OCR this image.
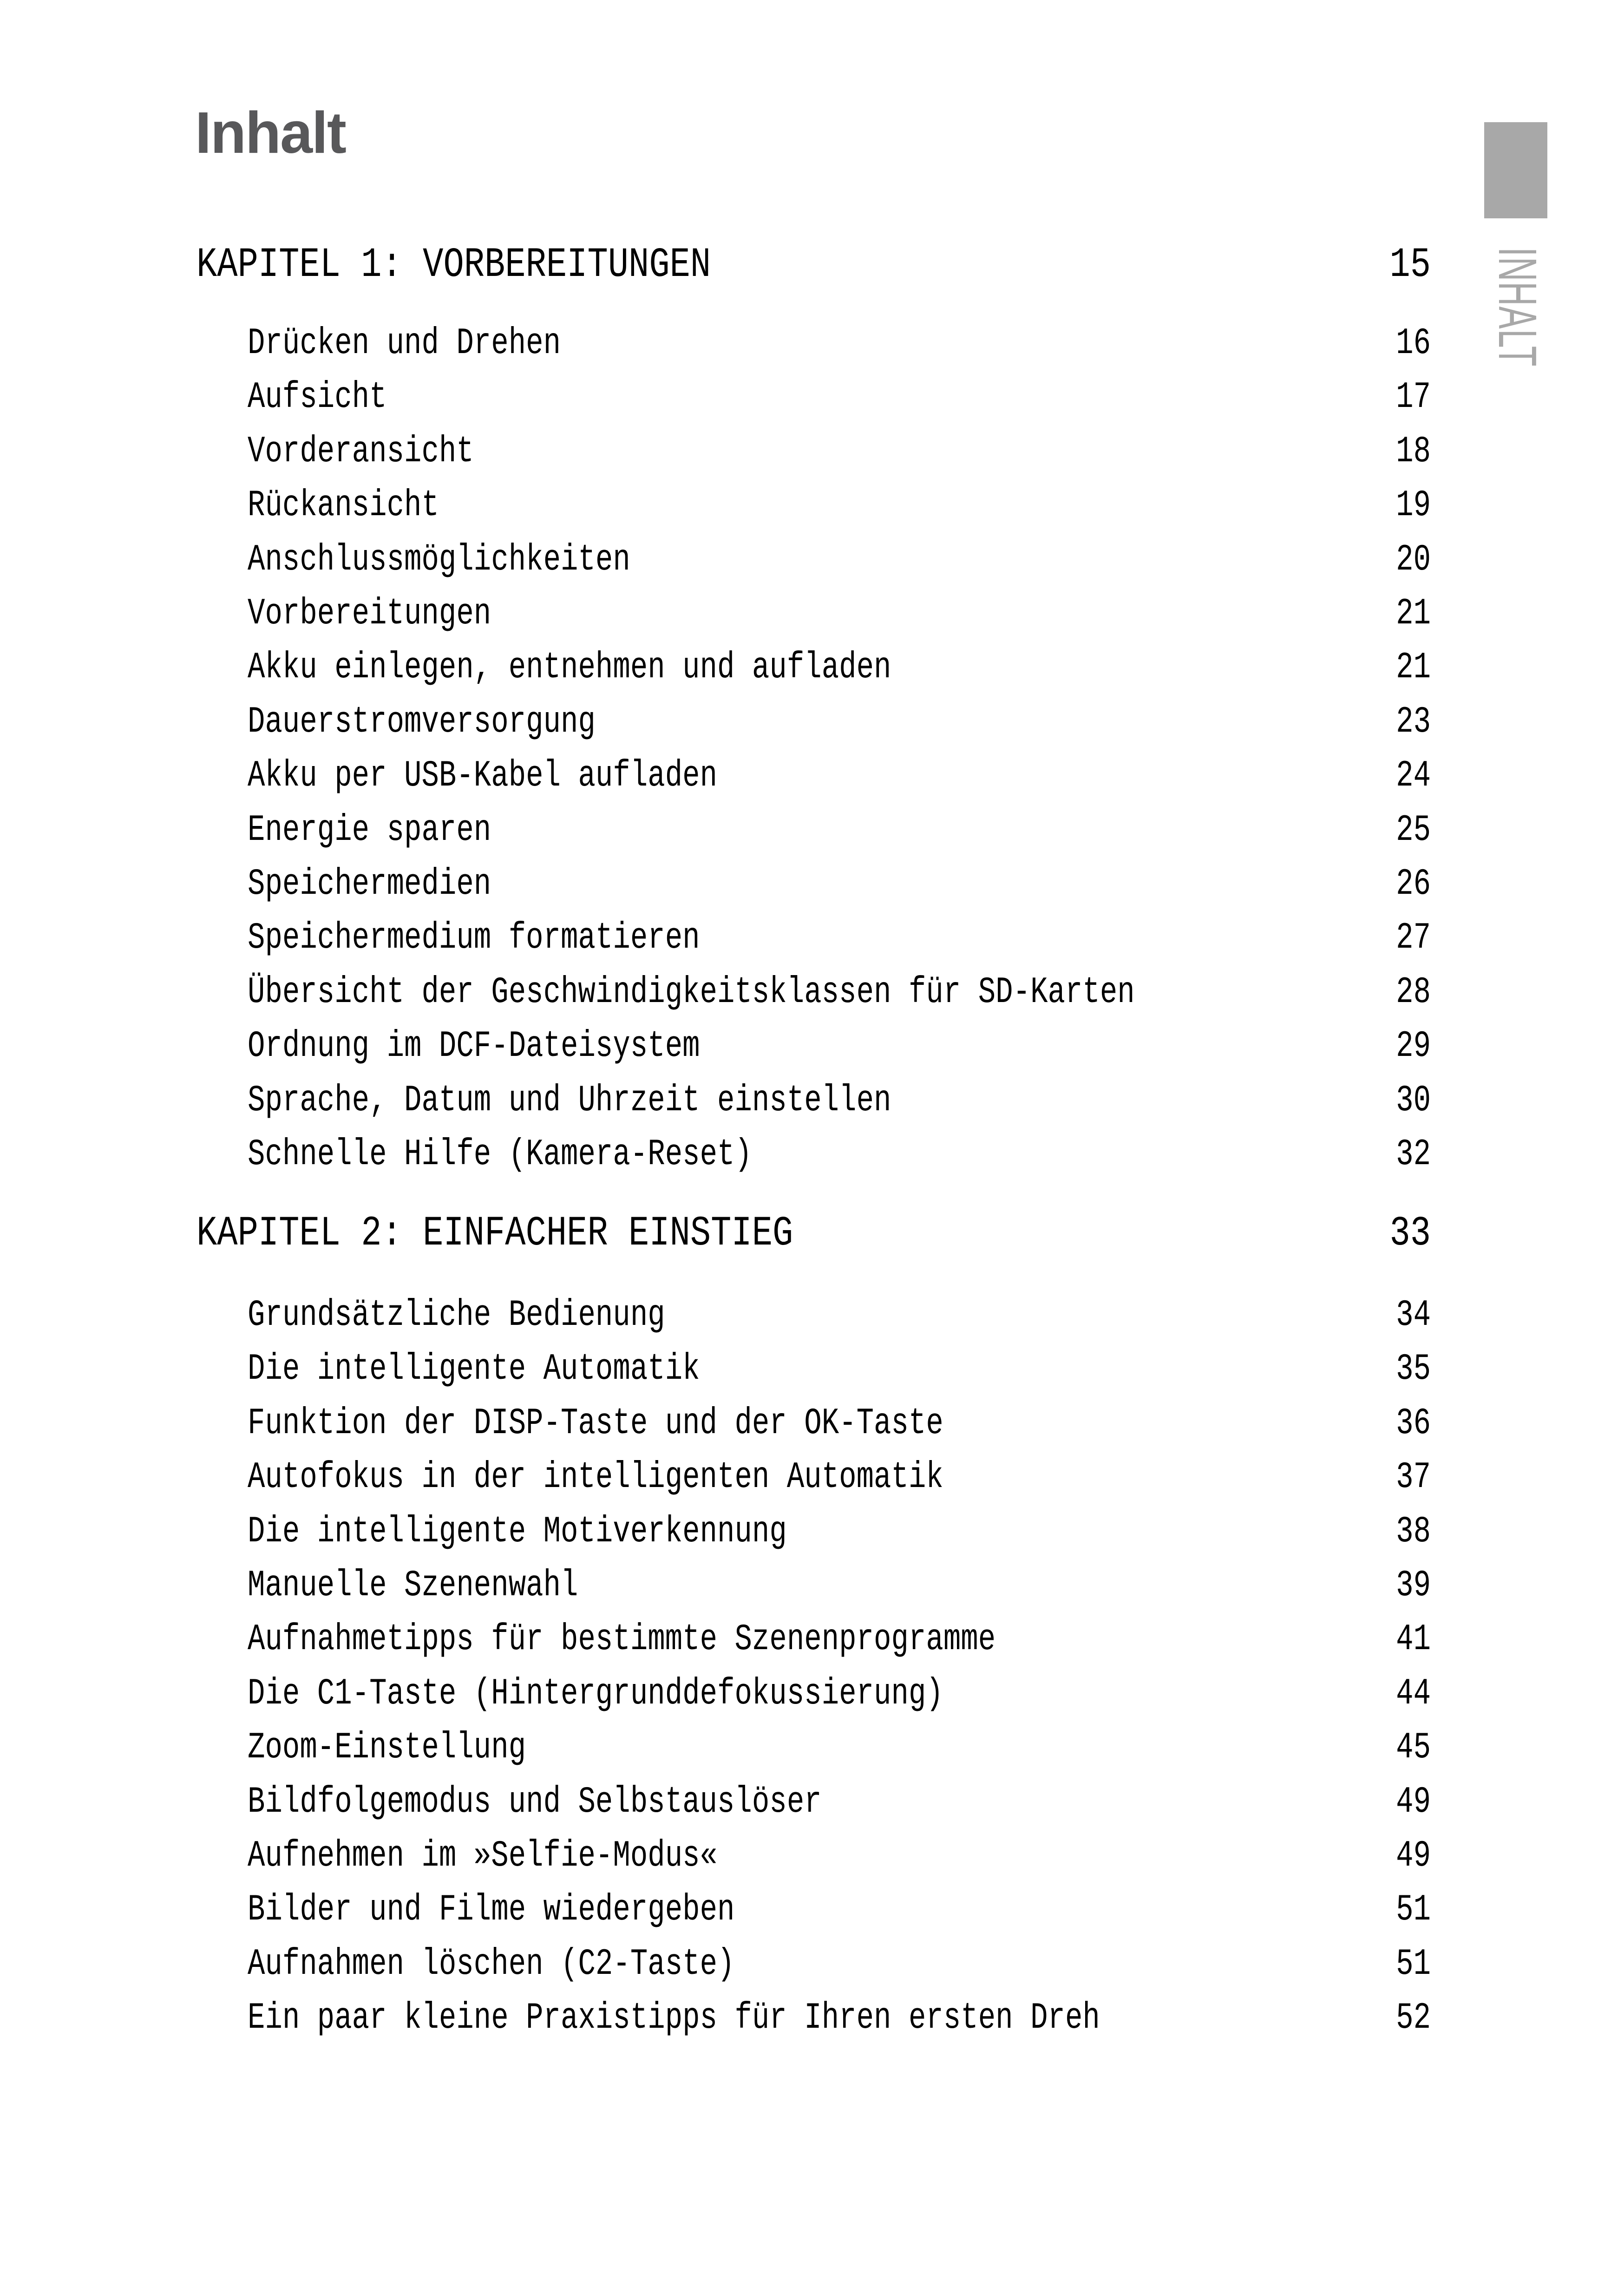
Inhalt
INHALT
KAPITEL 1: VORBEREITUNGEN	15
Drücken und Drehen	16
Aufsicht	17
Vorderansicht	18
Rückansicht	19
Anschlussmöglichkeiten	20
Vorbereitungen	21
Akku einlegen, entnehmen und aufladen	21
Dauerstromversorgung	23
Akku per USB-Kabel aufladen	24
Energie sparen	25
Speichermedien	26
Speichermedium formatieren	27
Übersicht der Geschwindigkeitsklassen für SD-Karten	28
Ordnung im DCF-Dateisystem	29
Sprache, Datum und Uhrzeit einstellen	30
Schnelle Hilfe (Kamera-Reset)	32
KAPITEL 2: EINFACHER EINSTIEG	33
Grundsätzliche Bedienung	34
Die intelligente Automatik	35
Funktion der DISP-Taste und der OK-Taste	36
Autofokus in der intelligenten Automatik	37
Die intelligente Motiverkennung	38
Manuelle Szenenwahl	39
Aufnahmetipps für bestimmte Szenenprogramme	41
Die C1-Taste (Hintergrunddefokussierung)	44
Zoom-Einstellung	45
Bildfolgemodus und Selbstauslöser	49
Aufnehmen im »Selfie-Modus«	49
Bilder und Filme wiedergeben	51
Aufnahmen löschen (C2-Taste)	51
Ein paar kleine Praxistipps für Ihren ersten Dreh	52
